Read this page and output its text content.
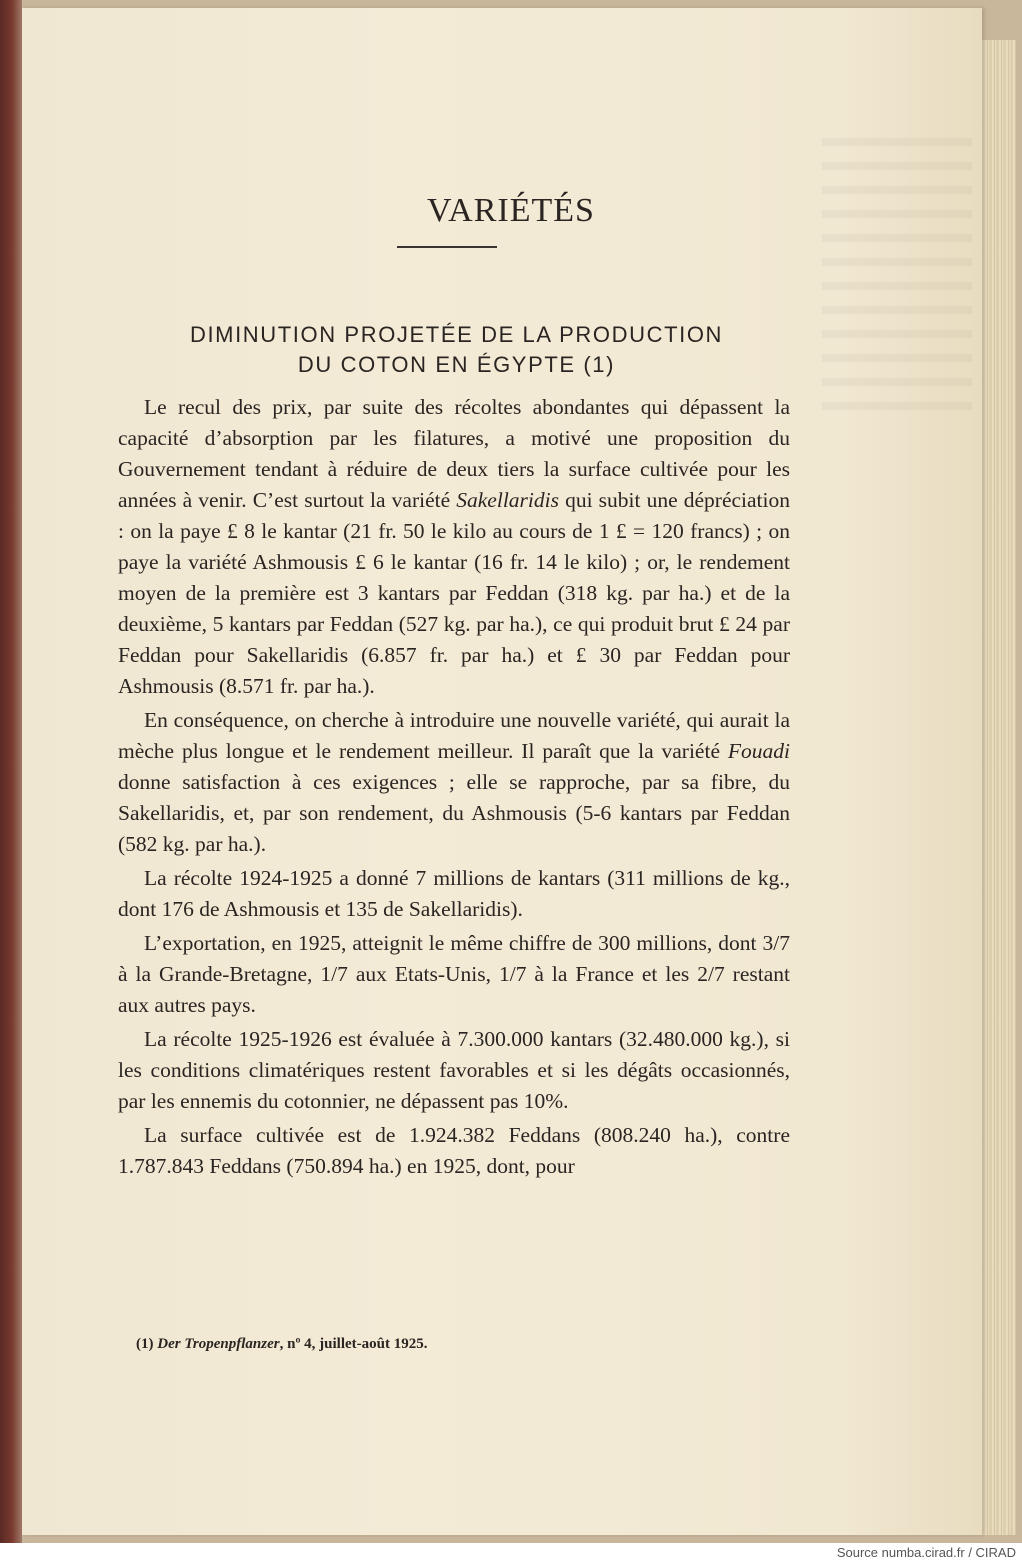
VARIÉTÉS
DIMINUTION PROJETÉE DE LA PRODUCTION
DU COTON EN ÉGYPTE (1)

Le recul des prix, par suite des récoltes abondantes qui dépassent la capacité d’absorption par les filatures, a motivé une proposition du Gouvernement tendant à réduire de deux tiers la surface cultivée pour les années à venir. C’est surtout la variété Sakellaridis qui subit une dépréciation : on la paye £ 8 le kantar (21 fr. 50 le kilo au cours de 1 £ = 120 francs) ; on paye la variété Ashmousis £ 6 le kantar (16 fr. 14 le kilo) ; or, le rendement moyen de la première est 3 kantars par Feddan (318 kg. par ha.) et de la deuxième, 5 kantars par Feddan (527 kg. par ha.), ce qui produit brut £ 24 par Feddan pour Sakellaridis (6.857 fr. par ha.) et £ 30 par Feddan pour Ashmousis (8.571 fr. par ha.).

En conséquence, on cherche à introduire une nouvelle variété, qui aurait la mèche plus longue et le rendement meilleur. Il paraît que la variété Fouadi donne satisfaction à ces exigences ; elle se rapproche, par sa fibre, du Sakellaridis, et, par son rendement, du Ashmousis (5-6 kantars par Feddan (582 kg. par ha.).

La récolte 1924-1925 a donné 7 millions de kantars (311 millions de kg., dont 176 de Ashmousis et 135 de Sakellaridis).

L’exportation, en 1925, atteignit le même chiffre de 300 millions, dont 3/7 à la Grande-Bretagne, 1/7 aux Etats-Unis, 1/7 à la France et les 2/7 restant aux autres pays.

La récolte 1925-1926 est évaluée à 7.300.000 kantars (32.480.000 kg.), si les conditions climatériques restent favorables et si les dégâts occasionnés, par les ennemis du cotonnier, ne dépassent pas 10%.

La surface cultivée est de 1.924.382 Feddans (808.240 ha.), contre 1.787.843 Feddans (750.894 ha.) en 1925, dont, pour

(1) Der Tropenpflanzer, nº 4, juillet-août 1925.
Source numba.cirad.fr / CIRAD
